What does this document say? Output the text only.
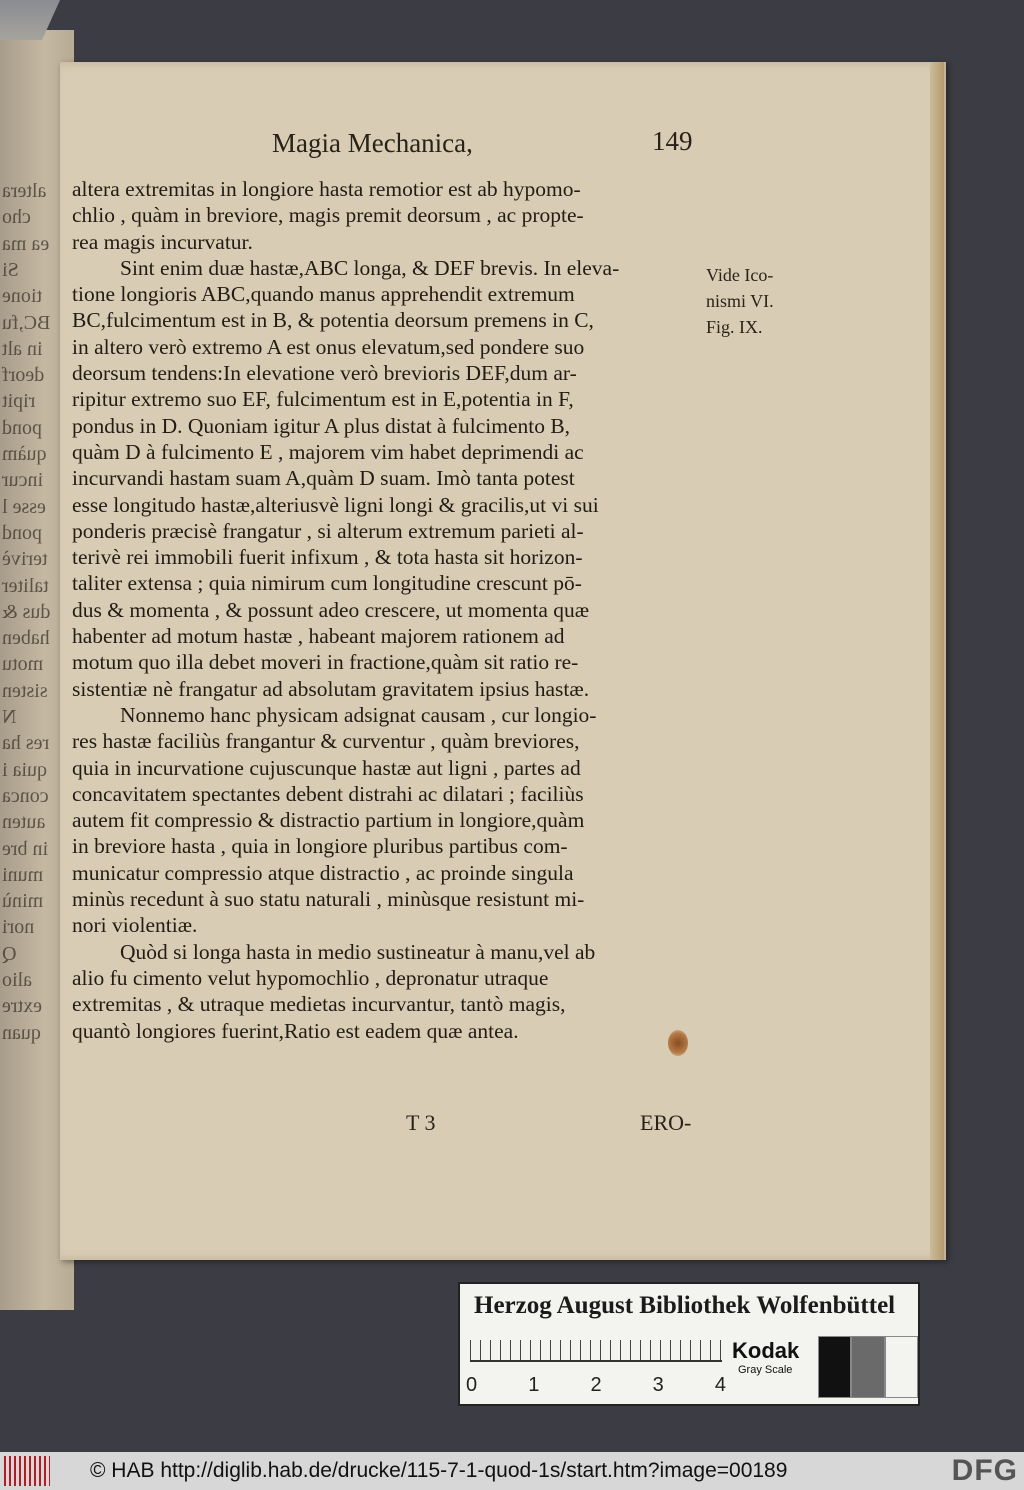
altera
cho
ea ma
Si
tione
BC,fu
in alt
deorf
ripit
pond
quàm
incur
esse l
pond
terivè
taliter
dus &
haben
motu
sisten
N
res ha
quia i
conca
auten
in bre
muni
minù
nori
Q
alio
extre
quan
Magia Mechanica,	149
altera extremitas in longiore hasta remotior est ab hypomo-
chlio , quàm in breviore, magis premit deorsum , ac propte-
rea magis incurvatur.
Sint enim duæ hastæ,ABC longa, & DEF brevis. In eleva-
tione longioris ABC,quando manus apprehendit extremum
BC,fulcimentum est in B, & potentia deorsum premens in C,
in altero verò extremo A est onus elevatum,sed pondere suo
deorsum tendens:In elevatione verò brevioris DEF,dum ar-
ripitur extremo suo EF, fulcimentum est in E,potentia in F,
pondus in D. Quoniam igitur A plus distat à fulcimento B,
quàm D à fulcimento E , majorem vim habet deprimendi ac
incurvandi hastam suam A,quàm D suam. Imò tanta potest
esse longitudo hastæ,alteriusvè ligni longi & gracilis,ut vi sui
ponderis præcisè frangatur , si alterum extremum parieti al-
terivè rei immobili fuerit infixum , & tota hasta sit horizon-
taliter extensa ; quia nimirum cum longitudine crescunt pō-
dus & momenta , & possunt adeo crescere, ut momenta quæ
habenter ad motum hastæ , habeant majorem rationem ad
motum quo illa debet moveri in fractione,quàm sit ratio re-
sistentiæ nè frangatur ad absolutam gravitatem ipsius hastæ.
Nonnemo hanc physicam adsignat causam , cur longio-
res hastæ faciliùs frangantur & curventur , quàm breviores,
quia in incurvatione cujuscunque hastæ aut ligni , partes ad
concavitatem spectantes debent distrahi ac dilatari ; faciliùs
autem fit compressio & distractio partium in longiore,quàm
in breviore hasta , quia in longiore pluribus partibus com-
municatur compressio atque distractio , ac proinde singula
minùs recedunt à suo statu naturali , minùsque resistunt mi-
nori violentiæ.
Quòd si longa hasta in medio sustineatur à manu,vel ab
alio fu cimento velut hypomochlio , depronatur utraque
extremitas , & utraque medietas incurvantur, tantò magis,
quantò longiores fuerint,Ratio est eadem quæ antea.
Vide Ico-
nismi VI.
Fig. IX.
T 3	ERO-
Herzog August Bibliothek Wolfenbüttel
0	1	2	3	4
Kodak
Gray Scale
© HAB http://diglib.hab.de/drucke/115-7-1-quod-1s/start.htm?image=00189	DFG
